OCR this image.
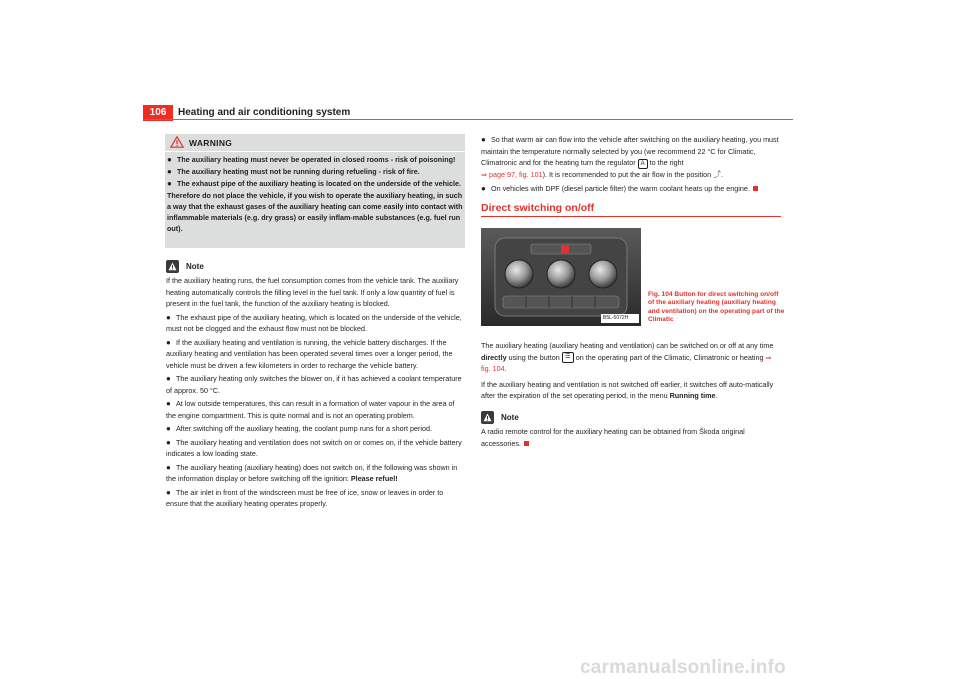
106	Heating and air conditioning system
WARNING

● The auxiliary heating must never be operated in closed rooms - risk of poisoning!

● The auxiliary heating must not be running during refueling - risk of fire.

● The exhaust pipe of the auxiliary heating is located on the underside of the vehicle. Therefore do not place the vehicle, if you wish to operate the auxiliary heating, in such a way that the exhaust gases of the auxiliary heating can come easily into contact with inflammable materials (e.g. dry grass) or easily inflam-mable substances (e.g. fuel run out).

Note

If the auxiliary heating runs, the fuel consumption comes from the vehicle tank. The auxiliary heating automatically controls the filling level in the fuel tank. If only a low quantity of fuel is present in the fuel tank, the function of the auxiliary heating is blocked.

● The exhaust pipe of the auxiliary heating, which is located on the underside of the vehicle, must not be clogged and the exhaust flow must not be blocked.

● If the auxiliary heating and ventilation is running, the vehicle battery discharges. If the auxiliary heating and ventilation has been operated several times over a longer period, the vehicle must be driven a few kilometers in order to recharge the vehicle battery.

● The auxiliary heating only switches the blower on, if it has achieved a coolant temperature of approx. 50 °C.

● At low outside temperatures, this can result in a formation of water vapour in the area of the engine compartment. This is quite normal and is not an operating problem.

● After switching off the auxiliary heating, the coolant pump runs for a short period.

● The auxiliary heating and ventilation does not switch on or comes on, if the vehicle battery indicates a low loading state.

● The auxiliary heating (auxiliary heating) does not switch on, if the following was shown in the information display or before switching off the ignition: Please refuel!

● The air inlet in front of the windscreen must be free of ice, snow or leaves in order to ensure that the auxiliary heating operates properly.

● So that warm air can flow into the vehicle after switching on the auxiliary heating, you must maintain the temperature normally selected by you (we recommend 22 °C for Climatic, Climatronic and for the heating turn the regulator A to the right
⇒ page 97, fig. 101). It is recommended to put the air flow in the position ⤴.

● On vehicles with DPF (diesel particle filter) the warm coolant heats up the engine.

Direct switching on/off
B5L-5072H
Fig. 104 Button for direct switching on/off of the auxiliary heating (auxiliary heating and ventilation) on the operating part of the Climatic

The auxiliary heating (auxiliary heating and ventilation) can be switched on or off at any time directly using the button ☰ on the operating part of the Climatic, Climatronic or heating ⇒ fig. 104.

If the auxiliary heating and ventilation is not switched off earlier, it switches off auto-matically after the expiration of the set operating period, in the menu Running time.

Note

A radio remote control for the auxiliary heating can be obtained from Škoda original accessories.

carmanualsonline.info
